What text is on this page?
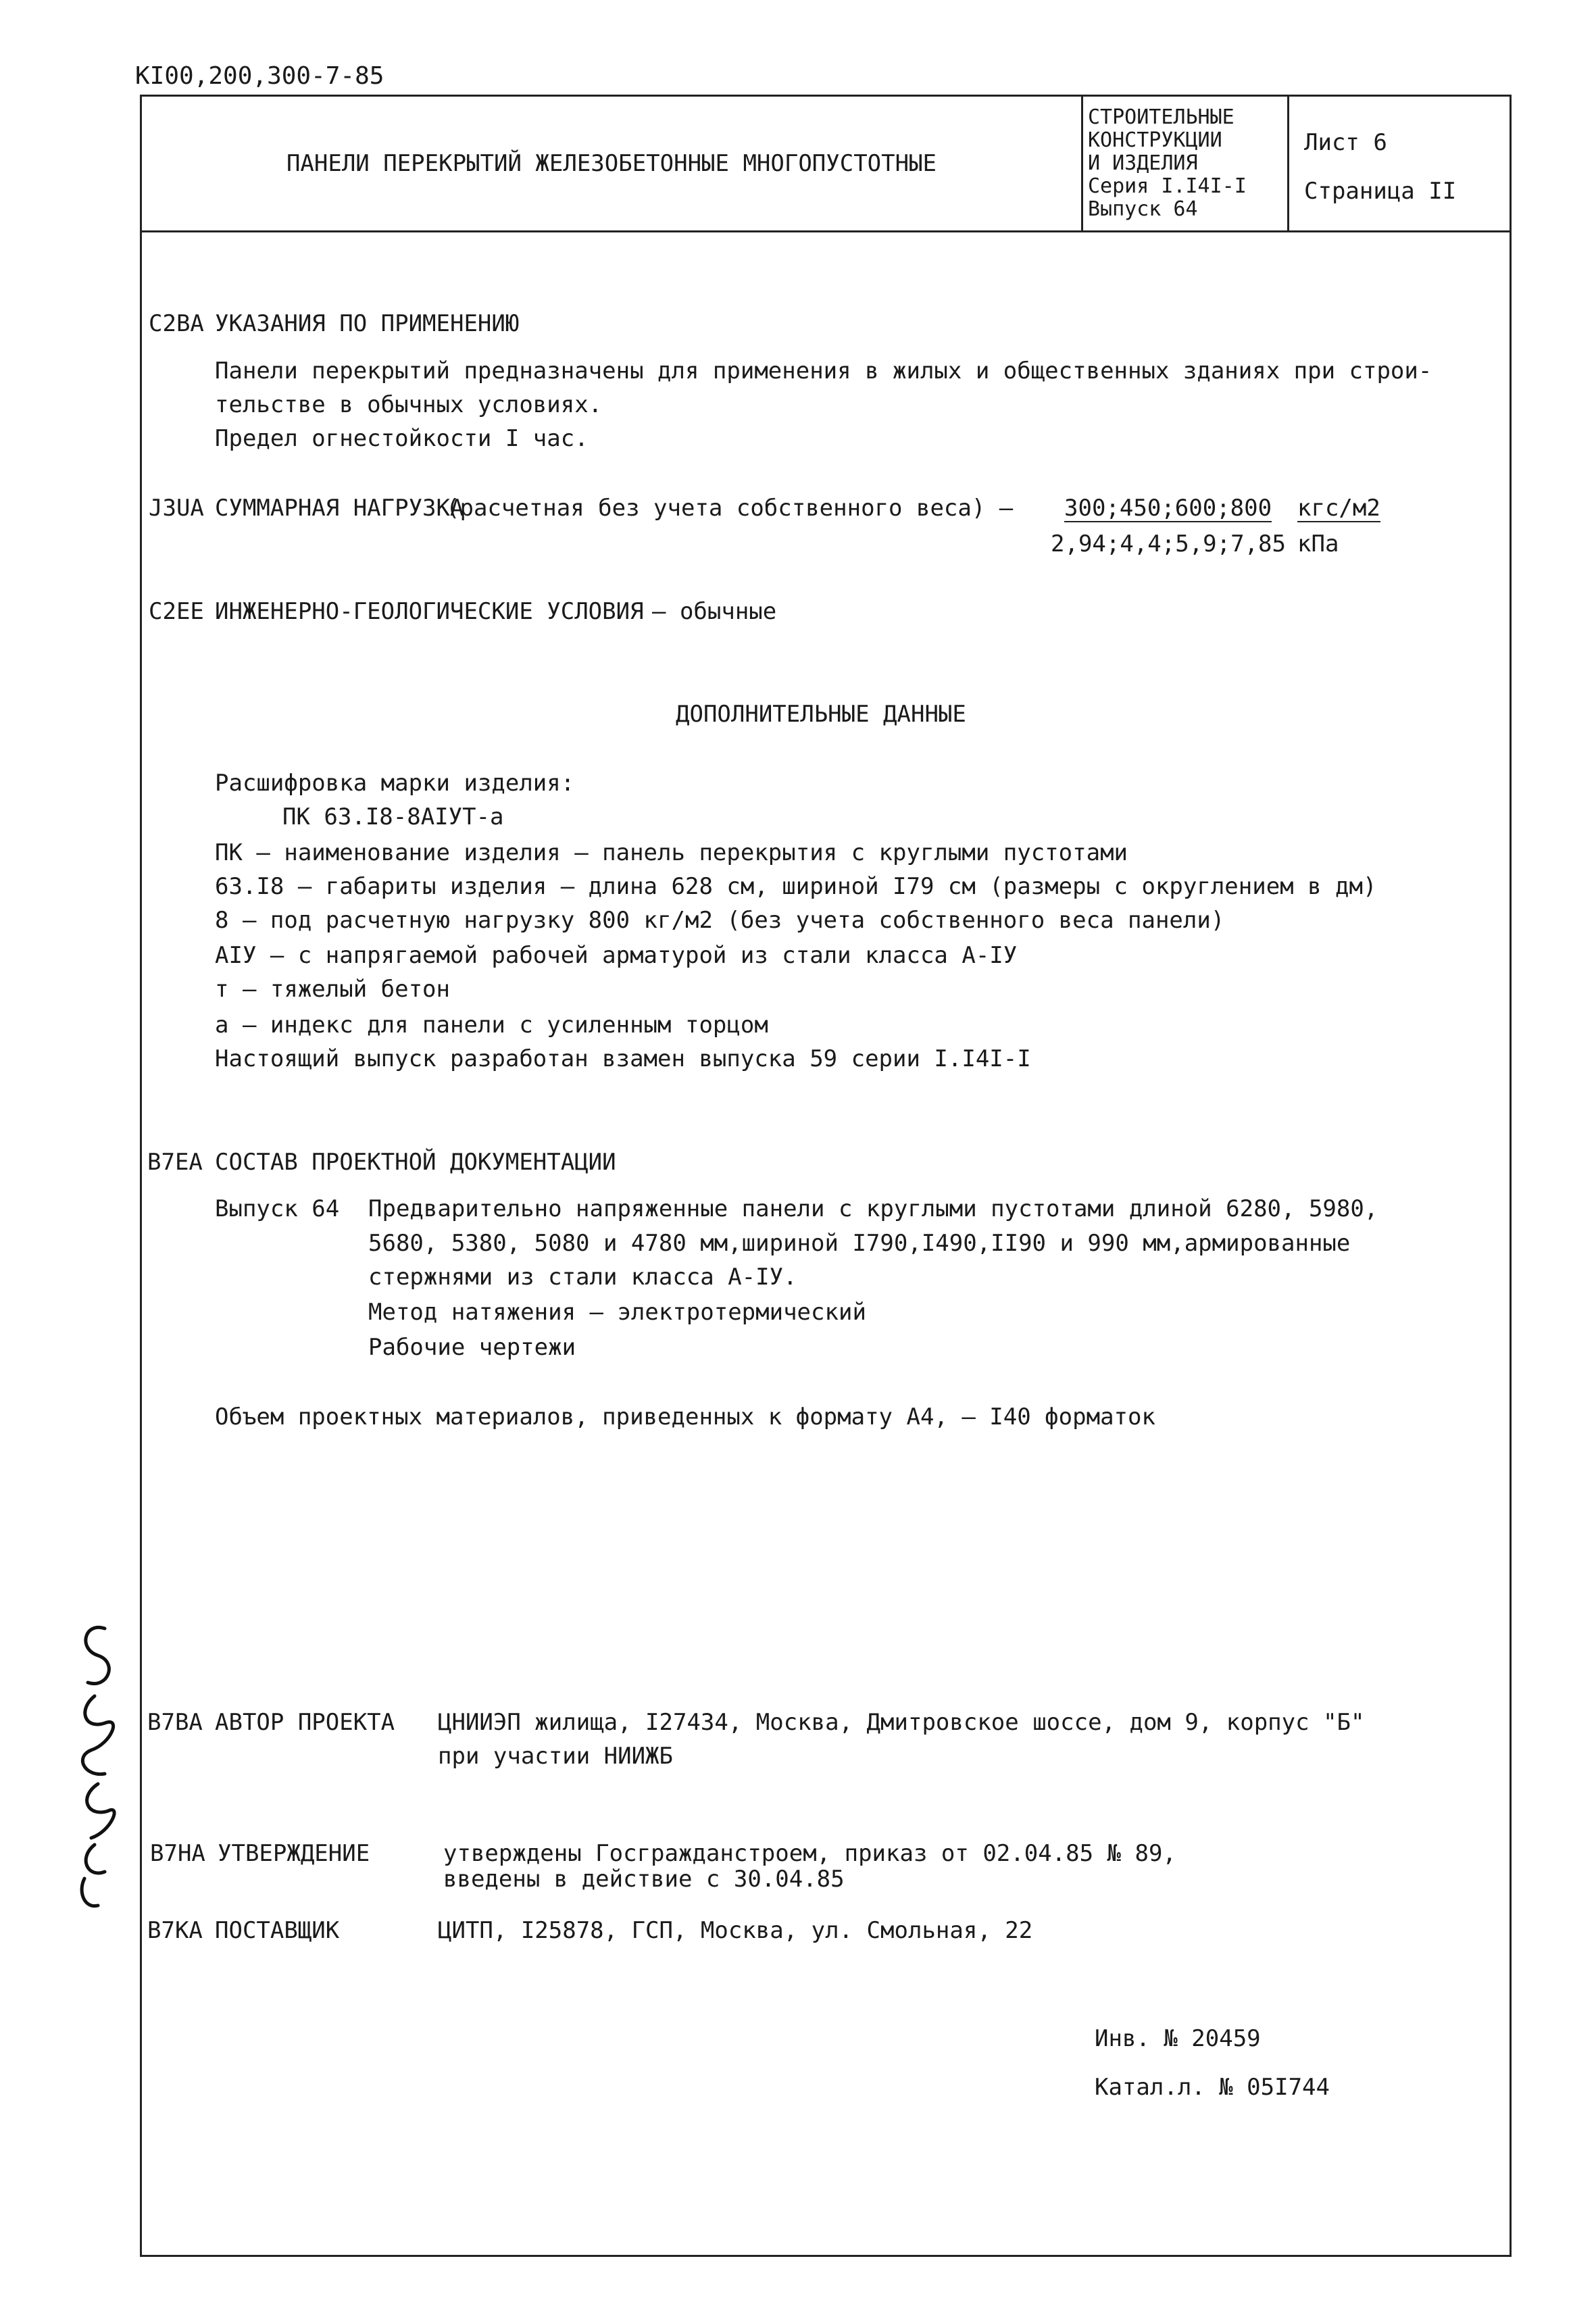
KI00,200,300-7-85
ПАНЕЛИ ПЕРЕКРЫТИЙ ЖЕЛЕЗОБЕТОННЫЕ МНОГОПУСТОТНЫЕ
СТРОИТЕЛЬНЫЕ
КОНСТРУКЦИИ
И ИЗДЕЛИЯ
Серия I.I4I-I
Выпуск 64
Лист 6
Страница II
C2BA УКАЗАНИЯ ПО ПРИМЕНЕНИЮ
Панели перекрытий предназначены для применения в жилых и общественных зданиях при строи-
тельстве в обычных условиях.
Предел огнестойкости I час.
J3UA СУММАРНАЯ НАГРУЗКА
(расчетная без учета собственного веса) – 300;450;600;800 кгс/м2
2,94;4,4;5,9;7,85 кПа
C2EE ИНЖЕНЕРНО-ГЕОЛОГИЧЕСКИЕ УСЛОВИЯ – обычные
ДОПОЛНИТЕЛЬНЫЕ ДАННЫЕ
Расшифровка марки изделия:
ПК 63.I8-8AIУТ-а
ПК – наименование изделия – панель перекрытия с круглыми пустотами
63.I8 – габариты изделия – длина 628 см, шириной I79 см (размеры с округлением в дм)
8 – под расчетную нагрузку 800 кг/м2 (без учета собственного веса панели)
AIУ – с напрягаемой рабочей арматурой из стали класса А-IУ
т – тяжелый бетон
а – индекс для панели с усиленным торцом
Настоящий выпуск разработан взамен выпуска 59 серии I.I4I-I
B7EA СОСТАВ ПРОЕКТНОЙ ДОКУМЕНТАЦИИ
Выпуск 64 Предварительно напряженные панели с круглыми пустотами длиной 6280, 5980,
5680, 5380, 5080 и 4780 мм,шириной I790,I490,II90 и 990 мм,армированные
стержнями из стали класса А-IУ.
Метод натяжения – электротермический
Рабочие чертежи
Объем проектных материалов, приведенных к формату А4, – I40 форматок
B7BA АВТОР ПРОЕКТА ЦНИИЭП жилища, I27434, Москва, Дмитровское шоссе, дом 9, корпус "Б"
при участии НИИЖБ
B7HA УТВЕРЖДЕНИЕ	утверждены Госгражданстроем, приказ от 02.04.85 № 89,
введены в действие с 30.04.85
B7KA ПОСТАВЩИК	ЦИТП, I25878, ГСП, Москва, ул. Смольная, 22
Инв. № 20459
Катал.л. № 05I744
